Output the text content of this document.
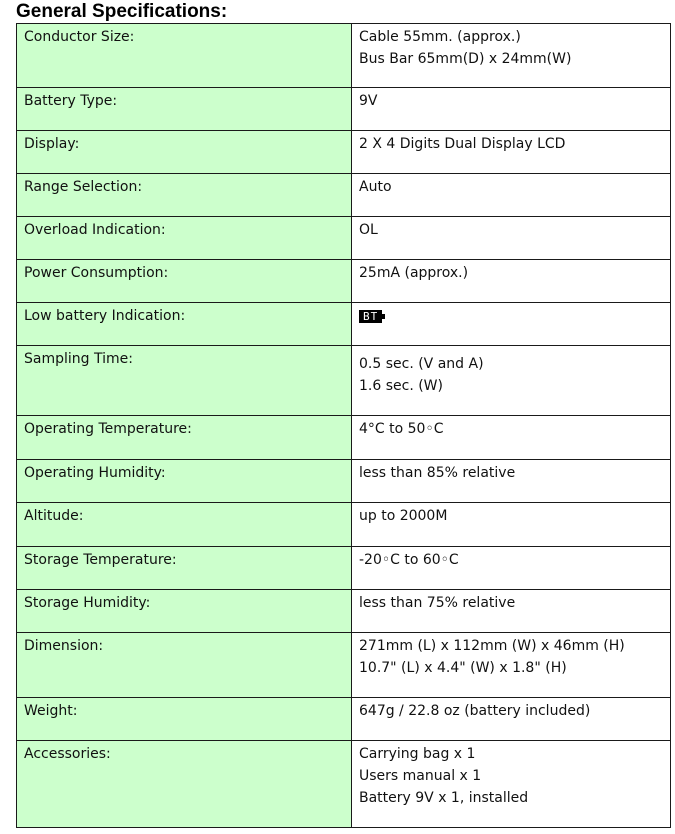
General Specifications:
Conductor Size:	Cable 55mm. (approx.)
Bus Bar 65mm(D) x 24mm(W)

Battery Type:	9V

Display:	2 X 4 Digits Dual Display LCD

Range Selection:	Auto

Overload Indication:	OL

Power Consumption:	25mA (approx.)

Low battery Indication:	BT

Sampling Time:	0.5 sec. (V and A)
1.6 sec. (W)

Operating Temperature:	4°C to 50◦C

Operating Humidity:	less than 85% relative

Altitude:	up to 2000M

Storage Temperature:	-20◦C to 60◦C

Storage Humidity:	less than 75% relative

Dimension:	271mm (L) x 112mm (W) x 46mm (H)
10.7" (L) x 4.4" (W) x 1.8" (H)

Weight:	647g / 22.8 oz (battery included)

Accessories:	Carrying bag x 1
Users manual x 1
Battery 9V x 1, installed
